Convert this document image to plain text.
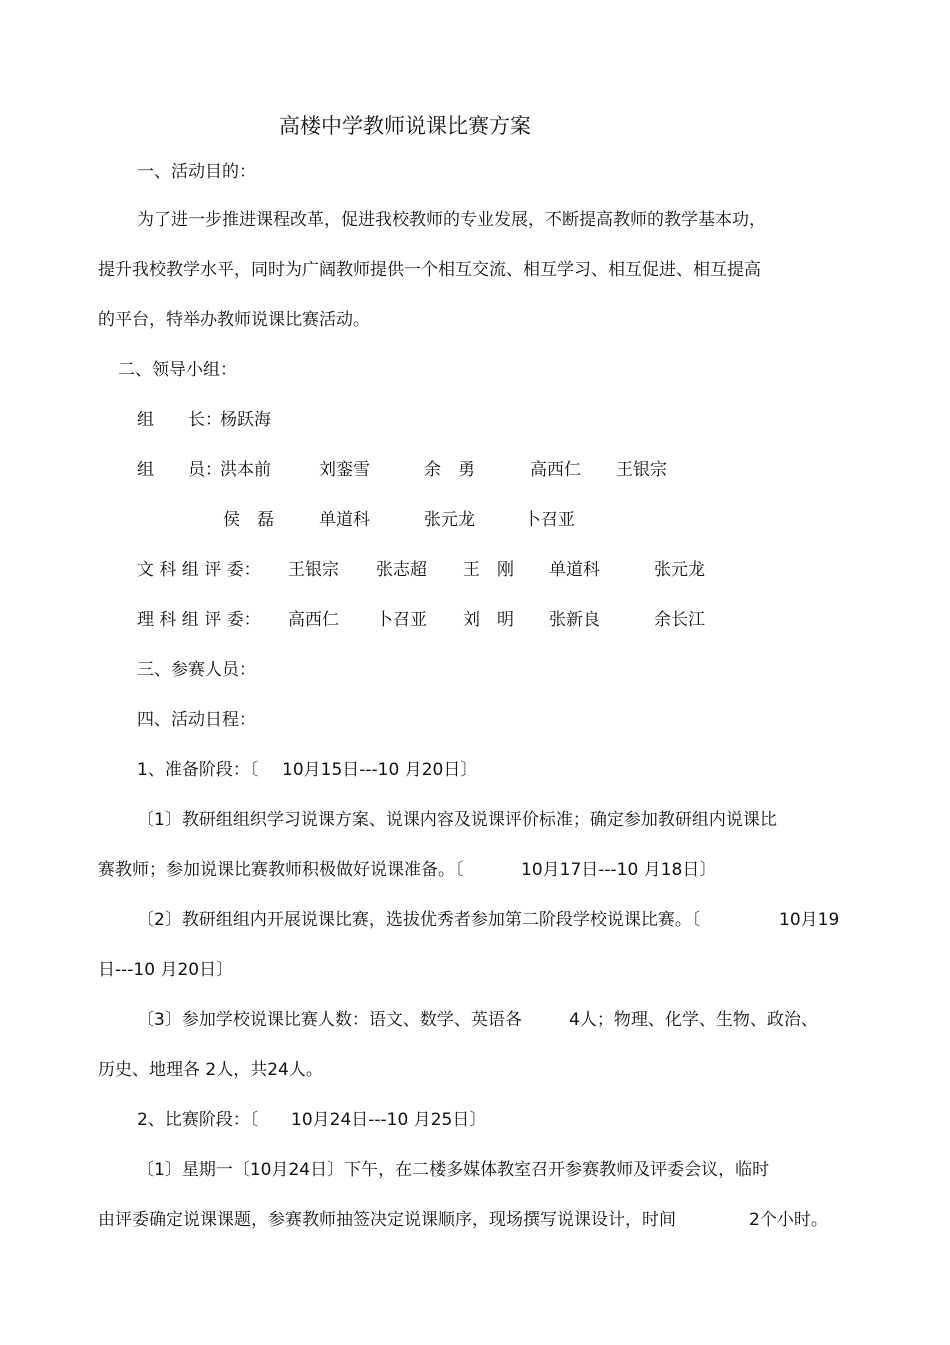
高楼中学教师说课比赛方案
一、活动目的：
为了进一步推进课程改革，促进我校教师的专业发展，不断提高教师的教学基本功，
提升我校教学水平，同时为广阔教师提供一个相互交流、相互学习、相互促进、相互提高
的平台，特举办教师说课比赛活动。
二、领导小组：
组　　长：
杨跃海
组　　员：
洪本前	刘銮雪	余　勇	高西仁 王银宗
侯　磊	单道科	张元龙	卜召亚
文 科 组 评 委： 王银宗 张志超 王　刚 单道科	张元龙
理 科 组 评 委： 高西仁 卜召亚 刘　明 张新良	余长江
三、参赛人员：
四、活动日程：
1、准备阶段：〔 10月15日---10 月20日〕
〔1〕教研组组织学习说课方案、说课内容及说课评价标准；确定参加教研组内说课比
赛教师；参加说课比赛教师积极做好说课准备。〔	10月17日---10 月18日〕
〔2〕教研组组内开展说课比赛，选拔优秀者参加第二阶段学校说课比赛。〔	10月19
日---10 月20日〕
〔3〕参加学校说课比赛人数：语文、数学、英语各	4人；物理、化学、生物、政治、
历史、地理各 2人，共24人。
2、比赛阶段：〔 10月24日---10 月25日〕
〔1〕星期一〔10月24日〕下午，在二楼多媒体教室召开参赛教师及评委会议，临时
由评委确定说课课题，参赛教师抽签决定说课顺序，现场撰写说课设计，时间	2个小时。
